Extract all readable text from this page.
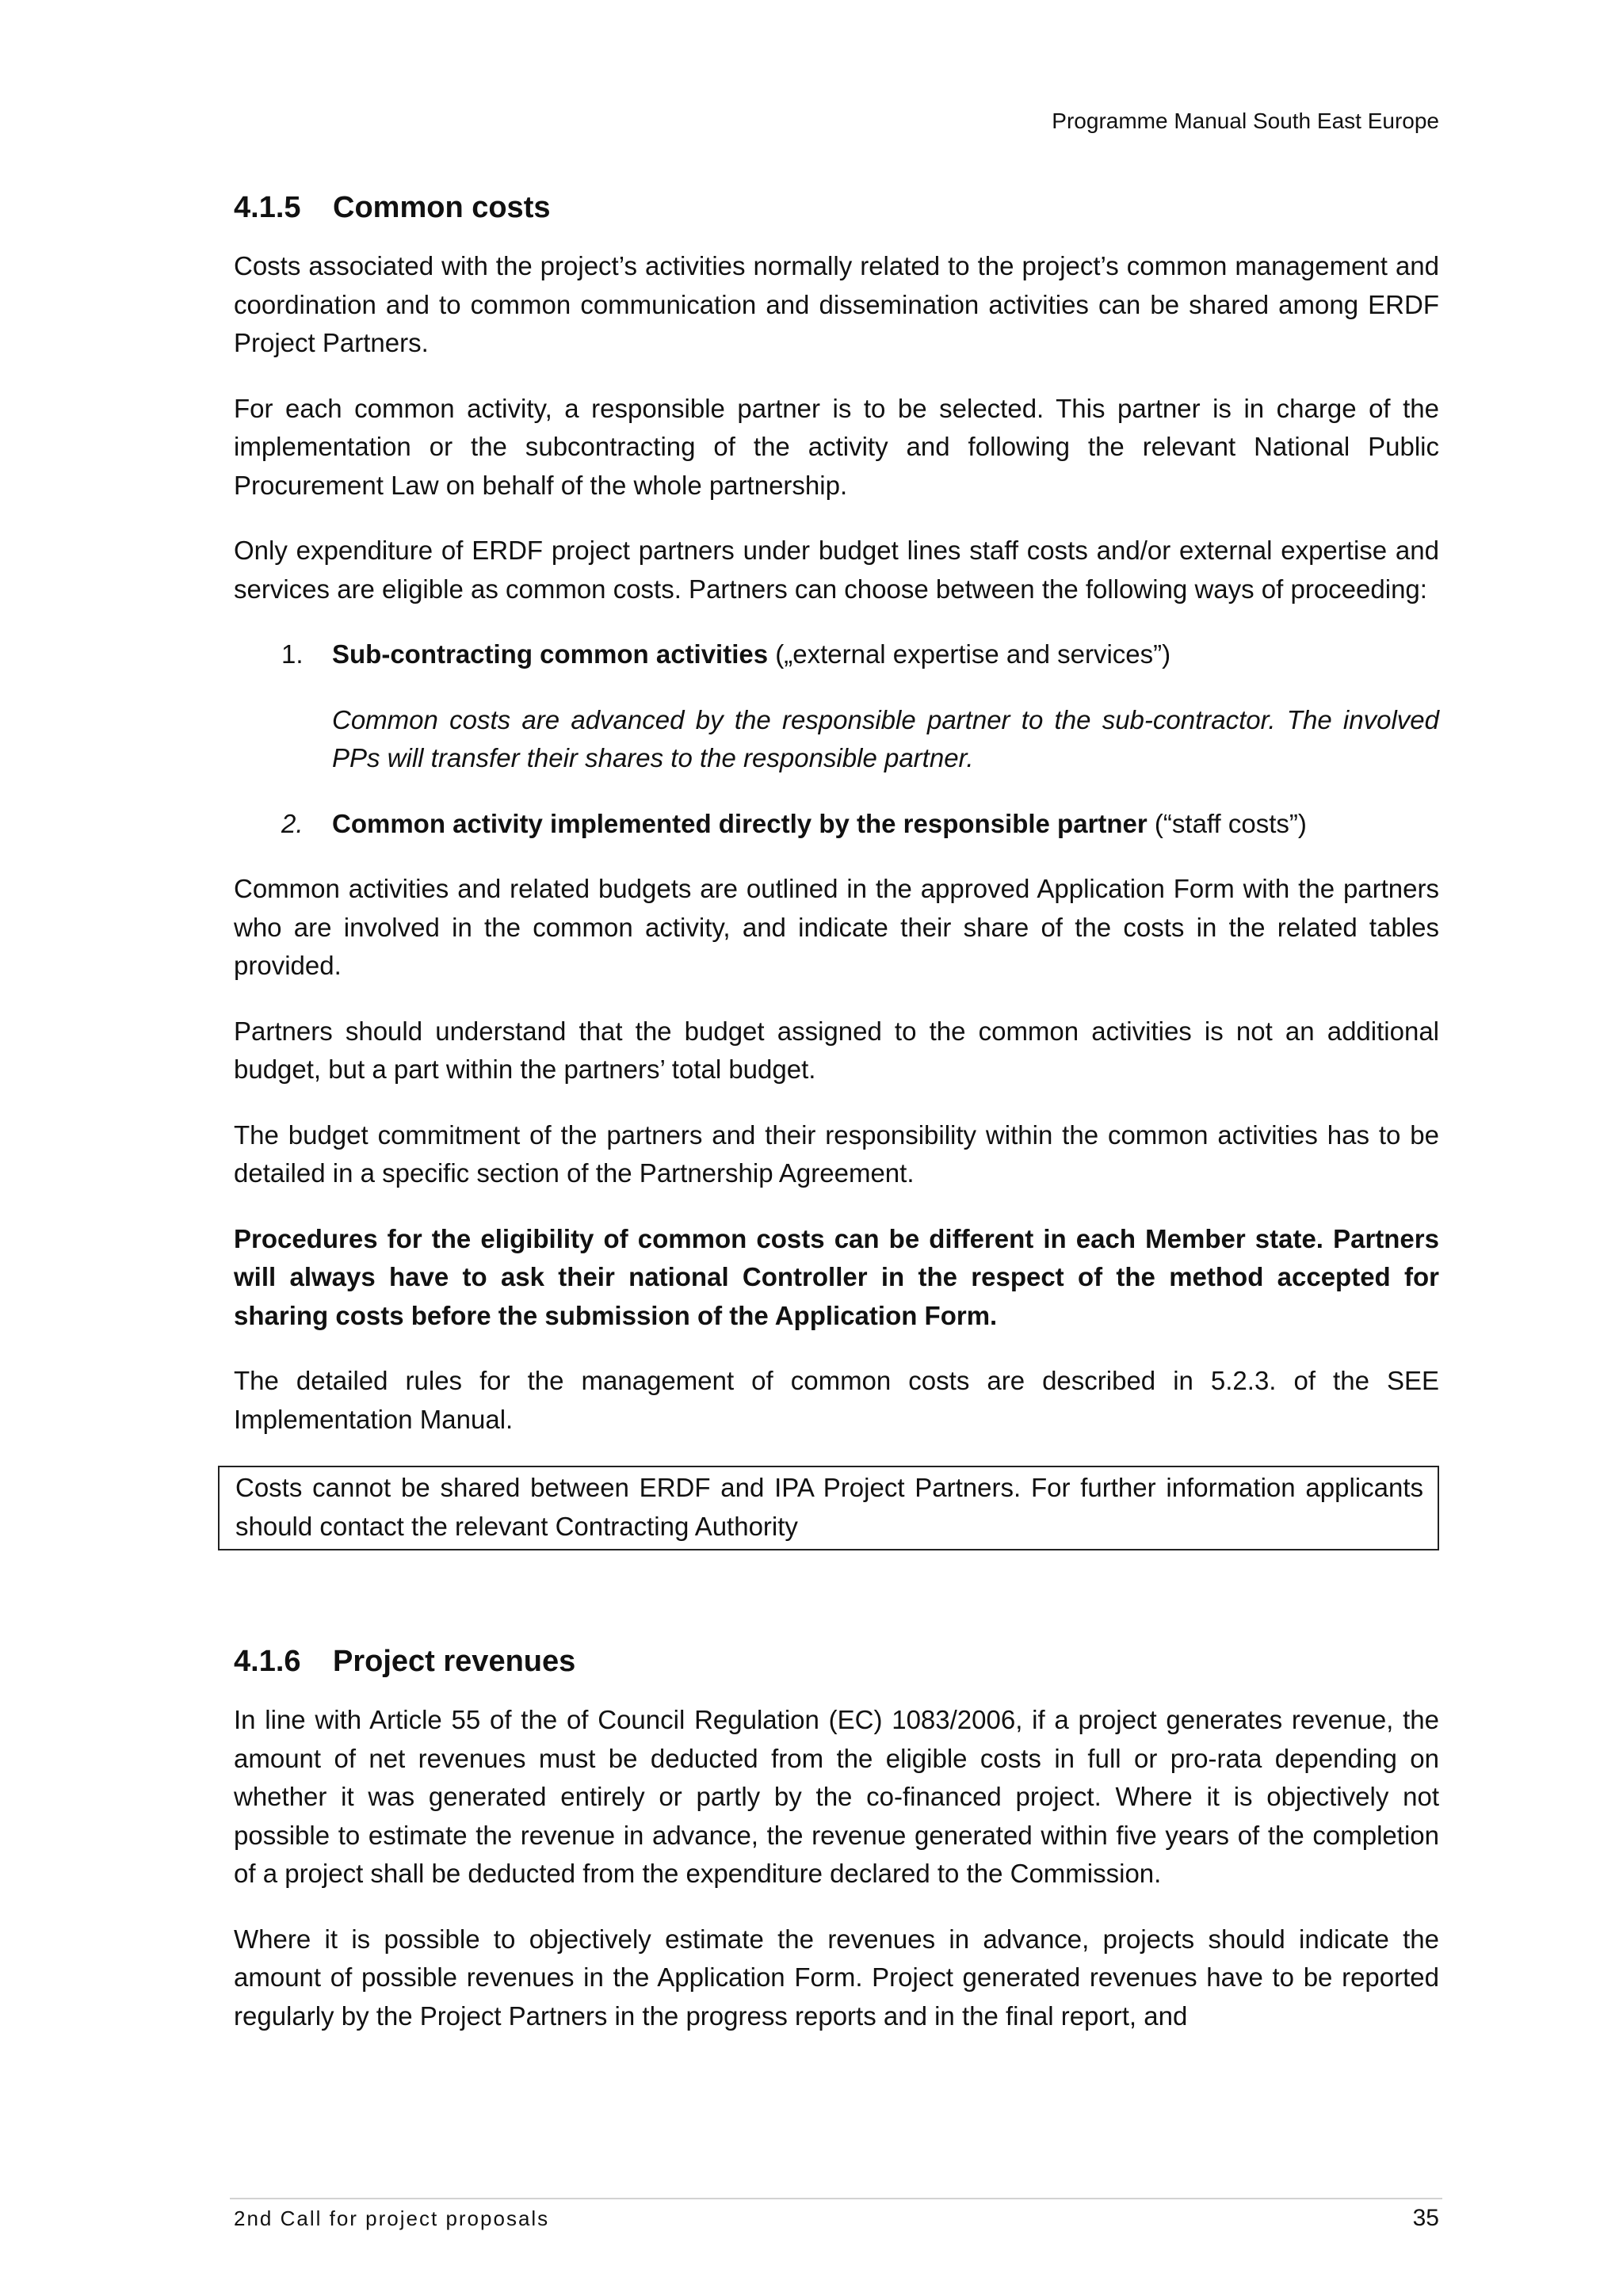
Programme Manual South East Europe
4.1.5 Common costs

Costs associated with the project’s activities normally related to the project’s common management and coordination and to common communication and dissemination activities can be shared among ERDF Project Partners.

For each common activity, a responsible partner is to be selected. This partner is in charge of the implementation or the subcontracting of the activity and following the relevant National Public Procurement Law on behalf of the whole partnership.

Only expenditure of ERDF project partners under budget lines staff costs and/or external expertise and services are eligible as common costs. Partners can choose between the following ways of proceeding:

1. Sub-contracting common activities („external expertise and services”)
Common costs are advanced by the responsible partner to the sub-contractor. The involved PPs will transfer their shares to the responsible partner.
2. Common activity implemented directly by the responsible partner (“staff costs”)

Common activities and related budgets are outlined in the approved Application Form with the partners who are involved in the common activity, and indicate their share of the costs in the related tables provided.

Partners should understand that the budget assigned to the common activities is not an additional budget, but a part within the partners’ total budget.

The budget commitment of the partners and their responsibility within the common activities has to be detailed in a specific section of the Partnership Agreement.

Procedures for the eligibility of common costs can be different in each Member state. Partners will always have to ask their national Controller in the respect of the method accepted for sharing costs before the submission of the Application Form.

The detailed rules for the management of common costs are described in 5.2.3. of the SEE Implementation Manual.

Costs cannot be shared between ERDF and IPA Project Partners. For further information applicants should contact the relevant Contracting Authority
4.1.6 Project revenues

In line with Article 55 of the of Council Regulation (EC) 1083/2006, if a project generates revenue, the amount of net revenues must be deducted from the eligible costs in full or pro-rata depending on whether it was generated entirely or partly by the co-financed project. Where it is objectively not possible to estimate the revenue in advance, the revenue generated within five years of the completion of a project shall be deducted from the expenditure declared to the Commission.

Where it is possible to objectively estimate the revenues in advance, projects should indicate the amount of possible revenues in the Application Form. Project generated revenues have to be reported regularly by the Project Partners in the progress reports and in the final report, and

2nd Call for project proposals	35
